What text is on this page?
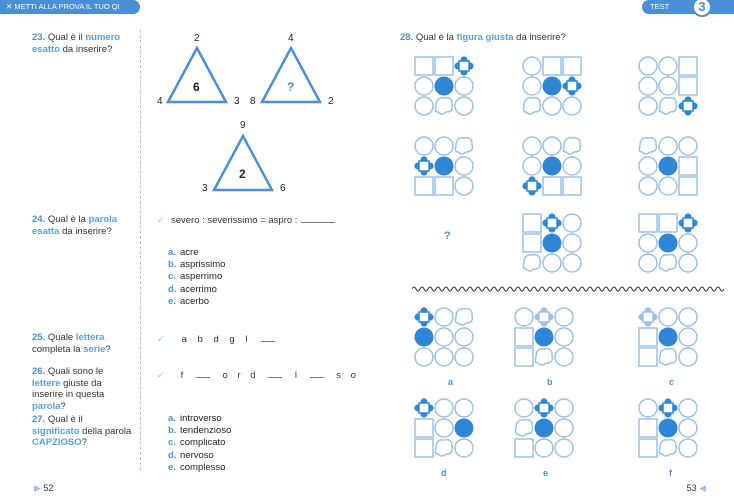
✕ METTI ALLA PROVA IL TUO QI	TEST	3
23. Qual è il numero esatto da inserire?
2
4	3
6
4
8	2
?
9
3	6
2
24. Qual è la parola esatta da inserire?
✓ severo : severissimo = aspro :
a. acre
b. asprissimo
c. asperrimo
d. acerrimo
e. acerbo
25. Quale lettera completa la serie?
✓ a b d g l
26. Quali sono le lettere giuste da inserire in questa parola?
✓ f	o r d	l	s o
27. Qual è il significato della parola CAPZIOSO?
a. introverso
b. tendenzioso
c. complicato
d. nervoso
e. complesso
28. Qual è la figura giusta da inserire?
?
a	b	c
d	e	f
▶ 52	53 ◀
